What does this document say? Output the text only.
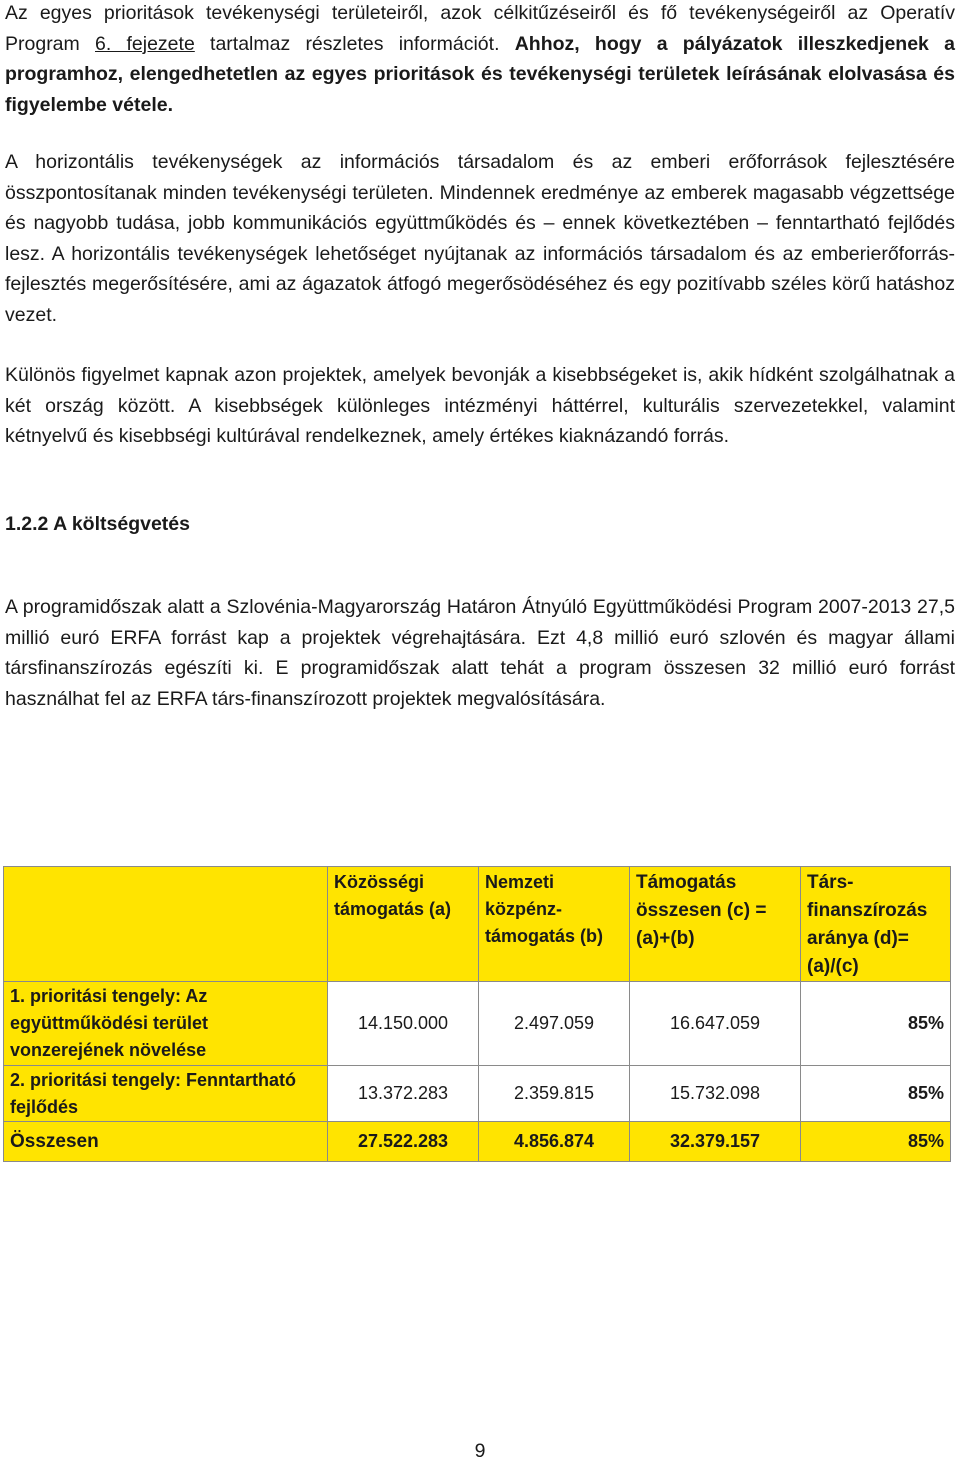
Az egyes prioritások tevékenységi területeiről, azok célkitűzéseiről és fő tevékenységeiről az Operatív Program 6. fejezete tartalmaz részletes információt. Ahhoz, hogy a pályázatok illeszkedjenek a programhoz, elengedhetetlen az egyes prioritások és tevékenységi területek leírásának elolvasása és figyelembe vétele.

A horizontális tevékenységek az információs társadalom és az emberi erőforrások fejlesztésére összpontosítanak minden tevékenységi területen. Mindennek eredménye az emberek magasabb végzettsége és nagyobb tudása, jobb kommunikációs együttműködés és – ennek következtében – fenntartható fejlődés lesz. A horizontális tevékenységek lehetőséget nyújtanak az információs társadalom és az emberierőforrás-fejlesztés megerősítésére, ami az ágazatok átfogó megerősödéséhez és egy pozitívabb széles körű hatáshoz vezet.

Különös figyelmet kapnak azon projektek, amelyek bevonják a kisebbségeket is, akik hídként szolgálhatnak a két ország között. A kisebbségek különleges intézményi háttérrel, kulturális szervezetekkel, valamint kétnyelvű és kisebbségi kultúrával rendelkeznek, amely értékes kiaknázandó forrás.

1.2.2 A költségvetés

A programidőszak alatt a Szlovénia-Magyarország Határon Átnyúló Együttműködési Program 2007-2013 27,5 millió euró ERFA forrást kap a projektek végrehajtására. Ezt 4,8 millió euró szlovén és magyar állami társfinanszírozás egészíti ki. E programidőszak alatt tehát a program összesen 32 millió euró forrást használhat fel az ERFA társ-finanszírozott projektek megvalósítására.

	Közösségi támogatás (a)	Nemzeti közpénz-támogatás (b)	Támogatás összesen (c) = (a)+(b)	Társ-finanszírozás aránya (d)= (a)/(c)
1. prioritási tengely: Az együttműködési terület vonzerejének növelése	14.150.000	2.497.059	16.647.059	85%
2. prioritási tengely: Fenntartható fejlődés	13.372.283	2.359.815	15.732.098	85%
Összesen	27.522.283	4.856.874	32.379.157	85%
9
